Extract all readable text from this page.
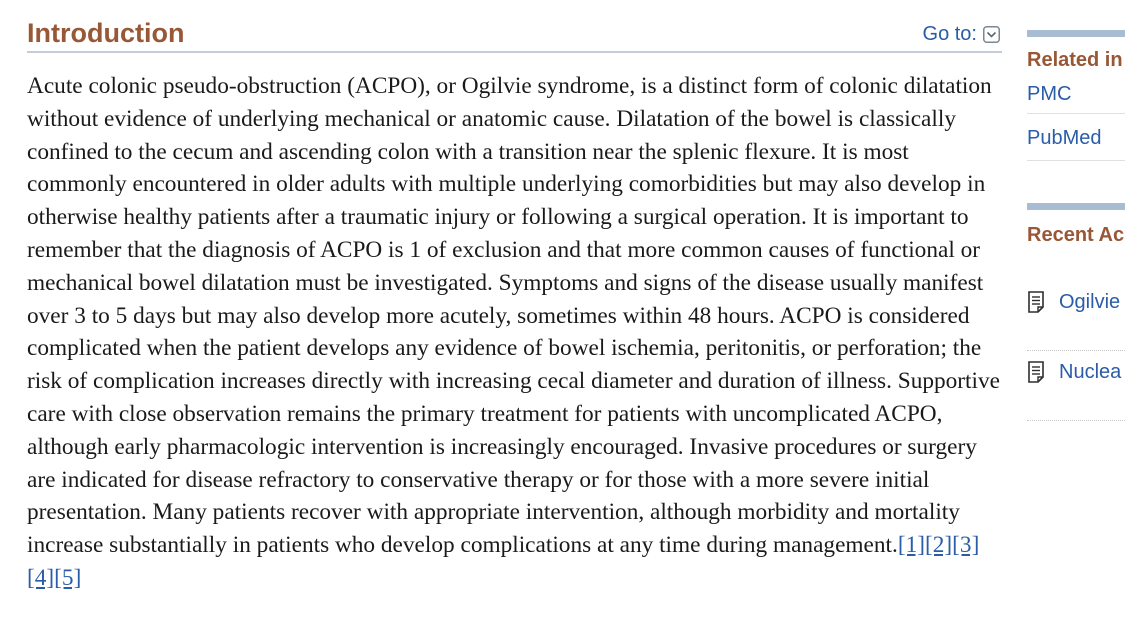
Introduction	Go to:

Acute colonic pseudo-obstruction (ACPO), or Ogilvie syndrome, is a distinct form of colonic dilatation without evidence of underlying mechanical or anatomic cause. Dilatation of the bowel is classically confined to the cecum and ascending colon with a transition near the splenic flexure. It is most commonly encountered in older adults with multiple underlying comorbidities but may also develop in otherwise healthy patients after a traumatic injury or following a surgical operation. It is important to remember that the diagnosis of ACPO is 1 of exclusion and that more common causes of functional or mechanical bowel dilatation must be investigated. Symptoms and signs of the disease usually manifest over 3 to 5 days but may also develop more acutely, sometimes within 48 hours. ACPO is considered complicated when the patient develops any evidence of bowel ischemia, peritonitis, or perforation; the risk of complication increases directly with increasing cecal diameter and duration of illness. Supportive care with close observation remains the primary treatment for patients with uncomplicated ACPO, although early pharmacologic intervention is increasingly encouraged. Invasive procedures or surgery are indicated for disease refractory to conservative therapy or for those with a more severe initial presentation. Many patients recover with appropriate intervention, although morbidity and mortality increase substantially in patients who develop complications at any time during management.[1][2][3][4][5]

Related in
PMC
PubMed
Recent Ac
Ogilvie
Nuclea
